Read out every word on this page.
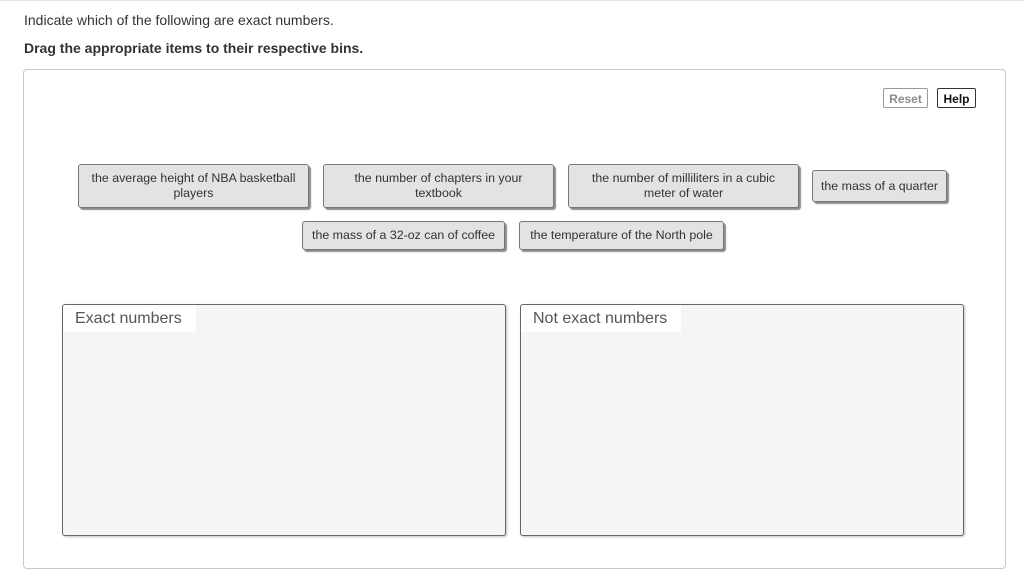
Indicate which of the following are exact numbers.
Drag the appropriate items to their respective bins.
Reset	Help
the average height of NBA basketball players
the number of chapters in your textbook
the number of milliliters in a cubic meter of water
the mass of a quarter
the mass of a 32-oz can of coffee	the temperature of the North pole
Exact numbers	Not exact numbers
